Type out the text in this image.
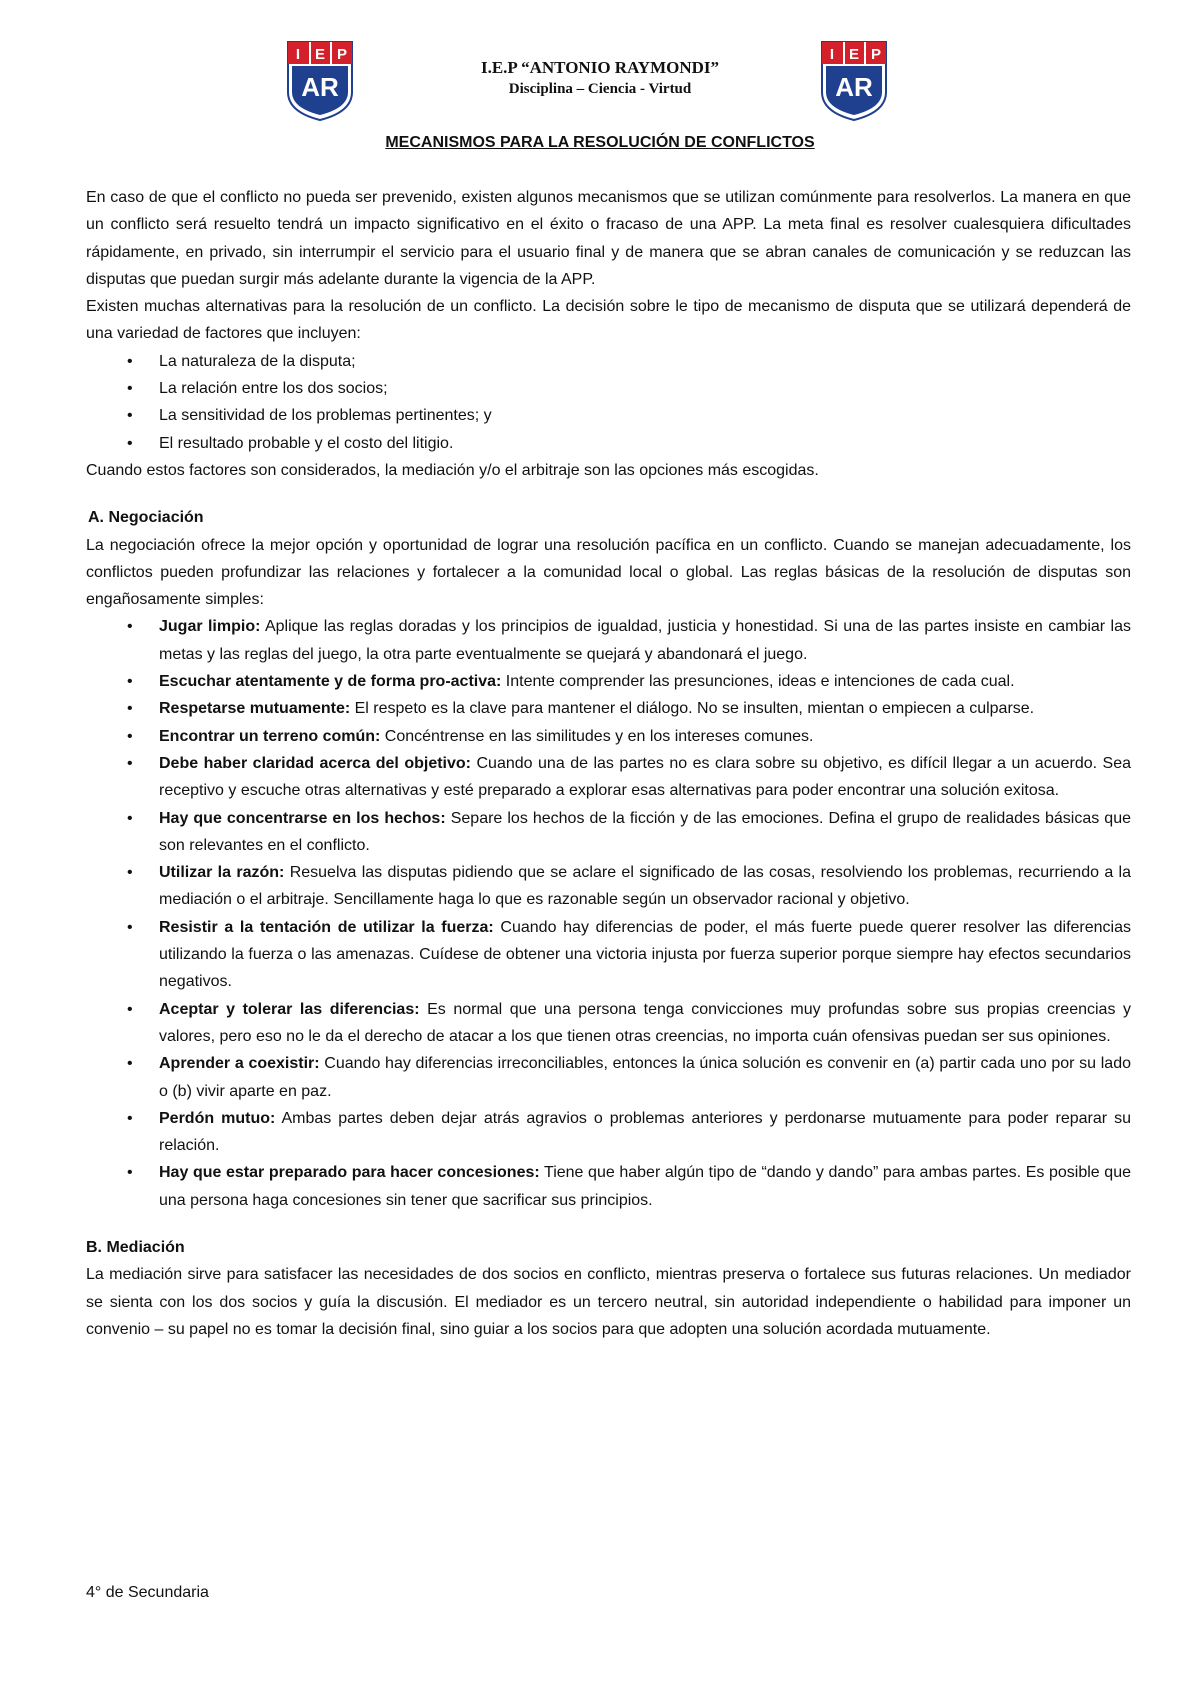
I E P
AR
I.E.P “ANTONIO RAYMONDI”
Disciplina – Ciencia - Virtud
I E P
AR
MECANISMOS PARA LA RESOLUCIÓN DE CONFLICTOS

En caso de que el conflicto no pueda ser prevenido, existen algunos mecanismos que se utilizan comúnmente para resolverlos. La manera en que un conflicto será resuelto tendrá un impacto significativo en el éxito o fracaso de una APP. La meta final es resolver cualesquiera dificultades rápidamente, en privado, sin interrumpir el servicio para el usuario final y de manera que se abran canales de comunicación y se reduzcan las disputas que puedan surgir más adelante durante la vigencia de la APP.

Existen muchas alternativas para la resolución de un conflicto. La decisión sobre le tipo de mecanismo de disputa que se utilizará dependerá de una variedad de factores que incluyen:

• La naturaleza de la disputa;
• La relación entre los dos socios;
• La sensitividad de los problemas pertinentes; y
• El resultado probable y el costo del litigio.

Cuando estos factores son considerados, la mediación y/o el arbitraje son las opciones más escogidas.

A. Negociación

La negociación ofrece la mejor opción y oportunidad de lograr una resolución pacífica en un conflicto. Cuando se manejan adecuadamente, los conflictos pueden profundizar las relaciones y fortalecer a la comunidad local o global. Las reglas básicas de la resolución de disputas son engañosamente simples:

• Jugar limpio: Aplique las reglas doradas y los principios de igualdad, justicia y honestidad. Si una de las partes insiste en cambiar las metas y las reglas del juego, la otra parte eventualmente se quejará y abandonará el juego.
• Escuchar atentamente y de forma pro-activa: Intente comprender las presunciones, ideas e intenciones de cada cual.
• Respetarse mutuamente: El respeto es la clave para mantener el diálogo. No se insulten, mientan o empiecen a culparse.
• Encontrar un terreno común: Concéntrense en las similitudes y en los intereses comunes.
• Debe haber claridad acerca del objetivo: Cuando una de las partes no es clara sobre su objetivo, es difícil llegar a un acuerdo. Sea receptivo y escuche otras alternativas y esté preparado a explorar esas alternativas para poder encontrar una solución exitosa.
• Hay que concentrarse en los hechos: Separe los hechos de la ficción y de las emociones. Defina el grupo de realidades básicas que son relevantes en el conflicto.
• Utilizar la razón: Resuelva las disputas pidiendo que se aclare el significado de las cosas, resolviendo los problemas, recurriendo a la mediación o el arbitraje. Sencillamente haga lo que es razonable según un observador racional y objetivo.
• Resistir a la tentación de utilizar la fuerza: Cuando hay diferencias de poder, el más fuerte puede querer resolver las diferencias utilizando la fuerza o las amenazas. Cuídese de obtener una victoria injusta por fuerza superior porque siempre hay efectos secundarios negativos.
• Aceptar y tolerar las diferencias: Es normal que una persona tenga convicciones muy profundas sobre sus propias creencias y valores, pero eso no le da el derecho de atacar a los que tienen otras creencias, no importa cuán ofensivas puedan ser sus opiniones.
• Aprender a coexistir: Cuando hay diferencias irreconciliables, entonces la única solución es convenir en (a) partir cada uno por su lado o (b) vivir aparte en paz.
• Perdón mutuo: Ambas partes deben dejar atrás agravios o problemas anteriores y perdonarse mutuamente para poder reparar su relación.
• Hay que estar preparado para hacer concesiones: Tiene que haber algún tipo de “dando y dando” para ambas partes. Es posible que una persona haga concesiones sin tener que sacrificar sus principios.

B. Mediación

La mediación sirve para satisfacer las necesidades de dos socios en conflicto, mientras preserva o fortalece sus futuras relaciones. Un mediador se sienta con los dos socios y guía la discusión. El mediador es un tercero neutral, sin autoridad independiente o habilidad para imponer un convenio – su papel no es tomar la decisión final, sino guiar a los socios para que adopten una solución acordada mutuamente.

4° de Secundaria
